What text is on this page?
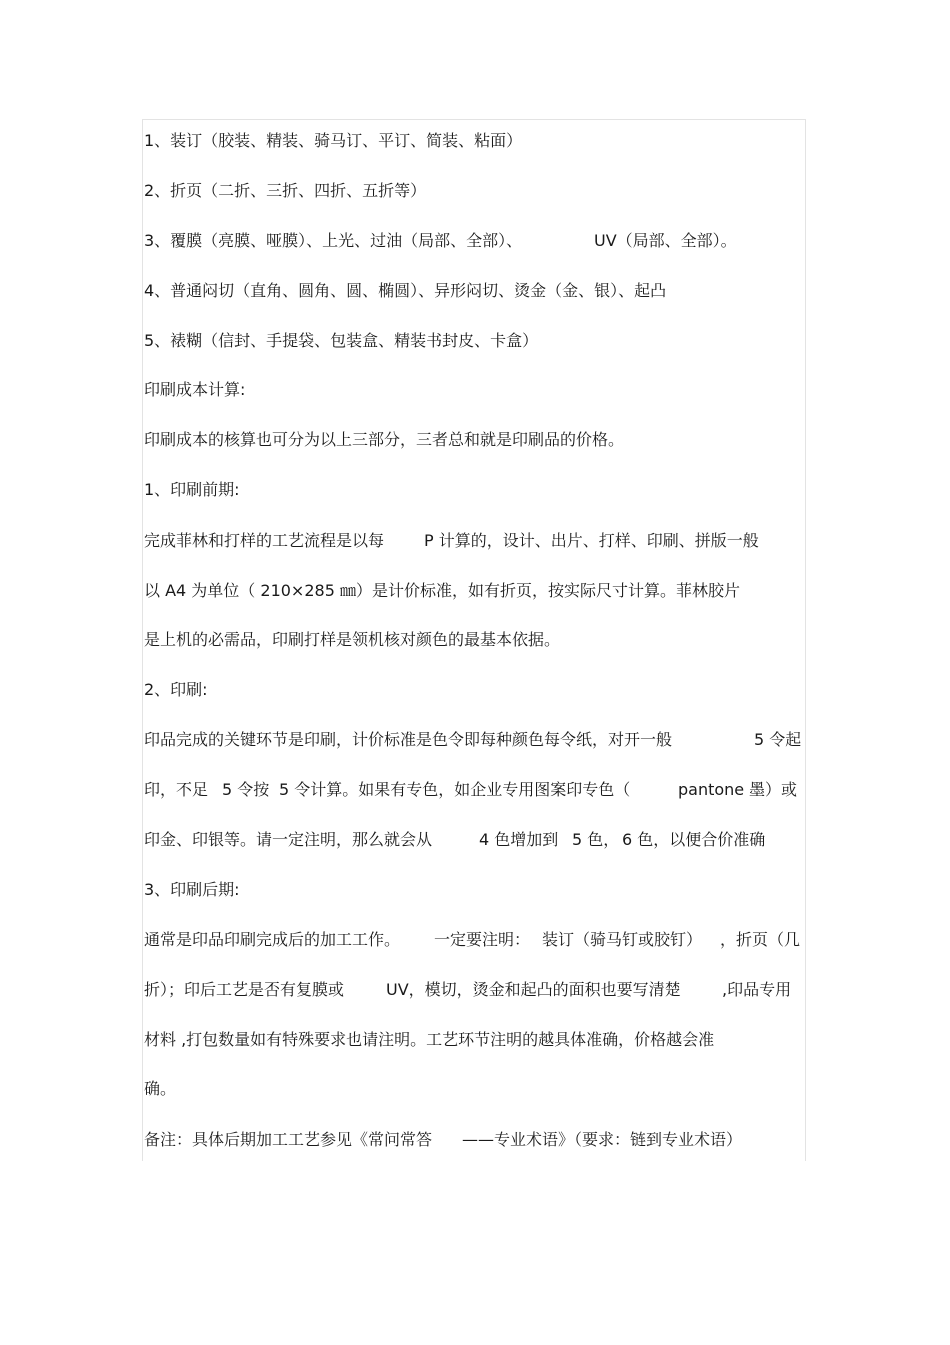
1、装订（胶装、精装、骑马订、平订、简装、粘面）
2、折页（二折、三折、四折、五折等）
3、覆膜（亮膜、哑膜）、上光、过油（局部、全部）、	UV（局部、全部）。
4、普通闷切（直角、圆角、圆、椭圆）、异形闷切、烫金（金、银）、起凸
5、裱糊（信封、手提袋、包装盒、精装书封皮、卡盒）
印刷成本计算:
印刷成本的核算也可分为以上三部分，三者总和就是印刷品的价格。
1、印刷前期:
完成菲林和打样的工艺流程是以每 P 计算的，设计、出片、打样、印刷、拼版一般
以 A4 为单位（ 210×285 ㎜）是计价标准，如有折页，按实际尺寸计算。菲林胶片
是上机的必需品，印刷打样是领机核对颜色的最基本依据。
2、印刷:
印品完成的关键环节是印刷，计价标准是色令即每种颜色每令纸，对开一般	5 令起
印，不足 5 令按 5 令计算。如果有专色，如企业专用图案印专色（	pantone 墨）或
印金、印银等。请一定注明，那么就会从	4 色增加到 5 色， 6 色，以便合价准确
3、印刷后期:
通常是印品印刷完成后的加工工作。 一定要注明： 装订（骑马钉或胶钉） ，折页（几
折）；印后工艺是否有复膜或	UV，模切，烫金和起凸的面积也要写清楚	,印品专用
材料 ,打包数量如有特殊要求也请注明。工艺环节注明的越具体准确，价格越会准
确。
备注：具体后期加工工艺参见《常问常答 ——专业术语》（要求：链到专业术语）
